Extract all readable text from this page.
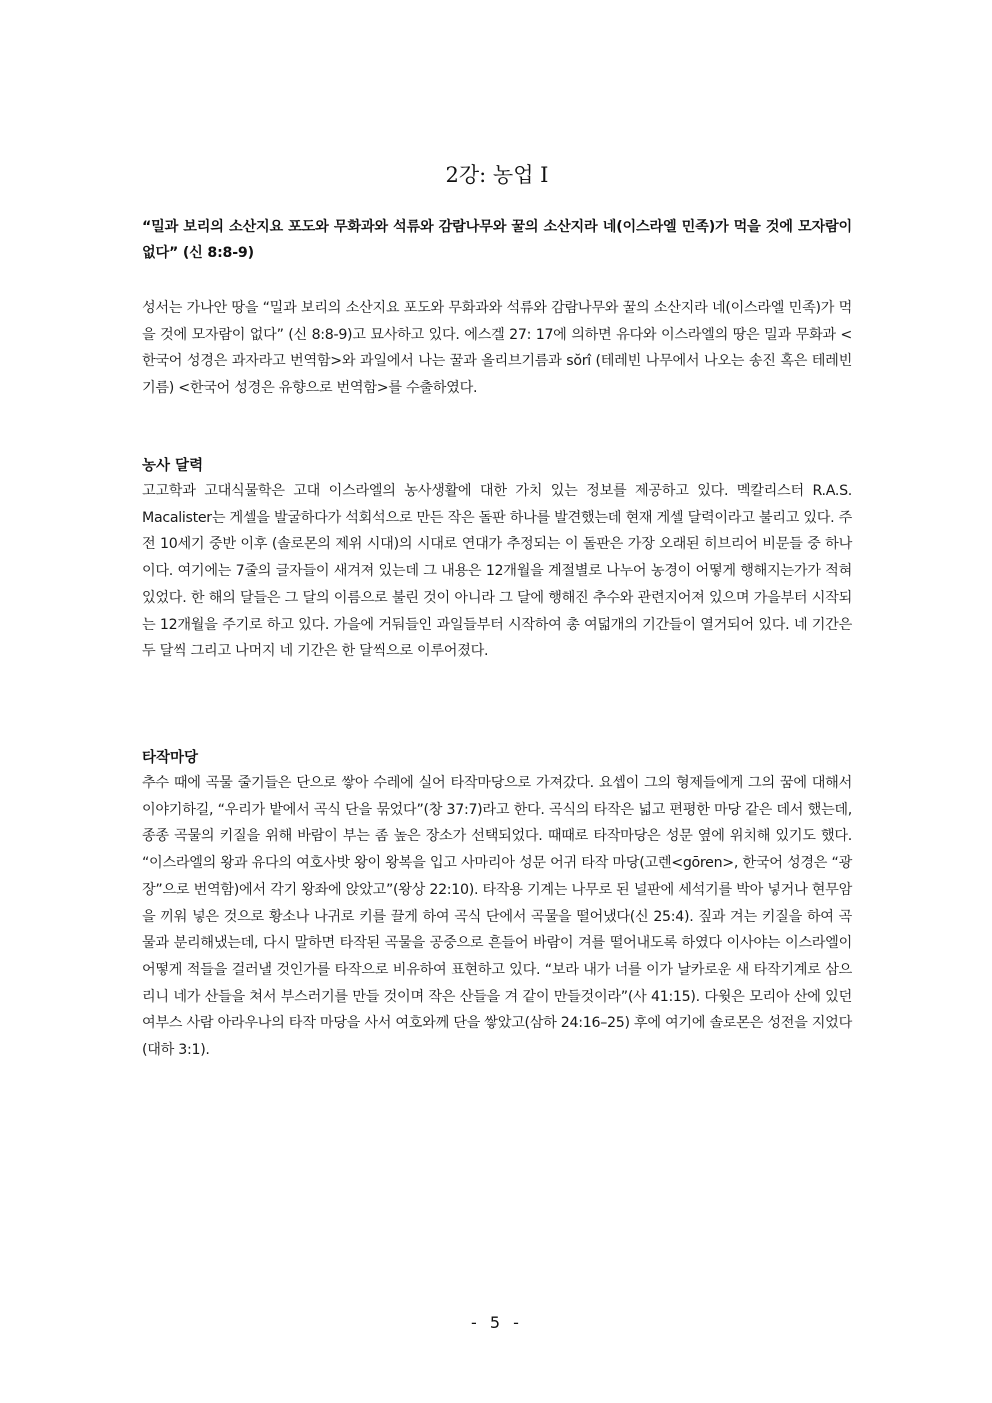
2강: 농업 I

“밀과 보리의 소산지요 포도와 무화과와 석류와 감람나무와 꿀의 소산지라 네(이스라엘 민족)가 먹을 것에 모자람이 없다” (신 8:8-9)

성서는 가나안 땅을 “밀과 보리의 소산지요 포도와 무화과와 석류와 감람나무와 꿀의 소산지라 네(이스라엘 민족)가 먹을 것에 모자람이 없다” (신 8:8-9)고 묘사하고 있다. 에스겔 27: 17에 의하면 유다와 이스라엘의 땅은 밀과 무화과 <한국어 성경은 과자라고 번역함>와 과일에서 나는 꿀과 올리브기름과 sŏrî (테레빈 나무에서 나오는 송진 혹은 테레빈 기름) <한국어 성경은 유향으로 번역함>를 수출하였다.

농사 달력

고고학과 고대식물학은 고대 이스라엘의 농사생활에 대한 가치 있는 정보를 제공하고 있다. 멕칼리스터 R.A.S. Macalister는 게셀을 발굴하다가 석회석으로 만든 작은 돌판 하나를 발견했는데 현재 게셀 달력이라고 불리고 있다. 주전 10세기 중반 이후 (솔로몬의 제위 시대)의 시대로 연대가 추정되는 이 돌판은 가장 오래된 히브리어 비문들 중 하나이다. 여기에는 7줄의 글자들이 새겨져 있는데 그 내용은 12개월을 계절별로 나누어 농경이 어떻게 행해지는가가 적혀 있었다. 한 해의 달들은 그 달의 이름으로 불린 것이 아니라 그 달에 행해진 추수와 관련지어져 있으며 가을부터 시작되는 12개월을 주기로 하고 있다. 가을에 거둬들인 과일들부터 시작하여 총 여덟개의 기간들이 열거되어 있다. 네 기간은 두 달씩 그리고 나머지 네 기간은 한 달씩으로 이루어졌다.

타작마당

추수 때에 곡물 줄기들은 단으로 쌓아 수레에 실어 타작마당으로 가져갔다. 요셉이 그의 형제들에게 그의 꿈에 대해서 이야기하길, “우리가 밭에서 곡식 단을 묶었다”(창 37:7)라고 한다. 곡식의 타작은 넓고 편평한 마당 같은 데서 했는데, 종종 곡물의 키질을 위해 바람이 부는 좀 높은 장소가 선택되었다. 때때로 타작마당은 성문 옆에 위치해 있기도 했다. “이스라엘의 왕과 유다의 여호사밧 왕이 왕복을 입고 사마리아 성문 어귀 타작 마당(고렌<gōren>, 한국어 성경은 “광장”으로 번역함)에서 각기 왕좌에 앉았고”(왕상 22:10). 타작용 기계는 나무로 된 널판에 세석기를 박아 넣거나 현무암을 끼워 넣은 것으로 황소나 나귀로 키를 끌게 하여 곡식 단에서 곡물을 떨어냈다(신 25:4). 짚과 겨는 키질을 하여 곡물과 분리해냈는데, 다시 말하면 타작된 곡물을 공중으로 흔들어 바람이 겨를 떨어내도록 하였다 이사야는 이스라엘이 어떻게 적들을 걸러낼 것인가를 타작으로 비유하여 표현하고 있다. “보라 내가 너를 이가 날카로운 새 타작기계로 삼으리니 네가 산들을 쳐서 부스러기를 만들 것이며 작은 산들을 겨 같이 만들것이라”(사 41:15). 다윗은 모리아 산에 있던 여부스 사람 아라우나의 타작 마당을 사서 여호와께 단을 쌓았고(삼하 24:16–25) 후에 여기에 솔로몬은 성전을 지었다(대하 3:1).

- 5 -
